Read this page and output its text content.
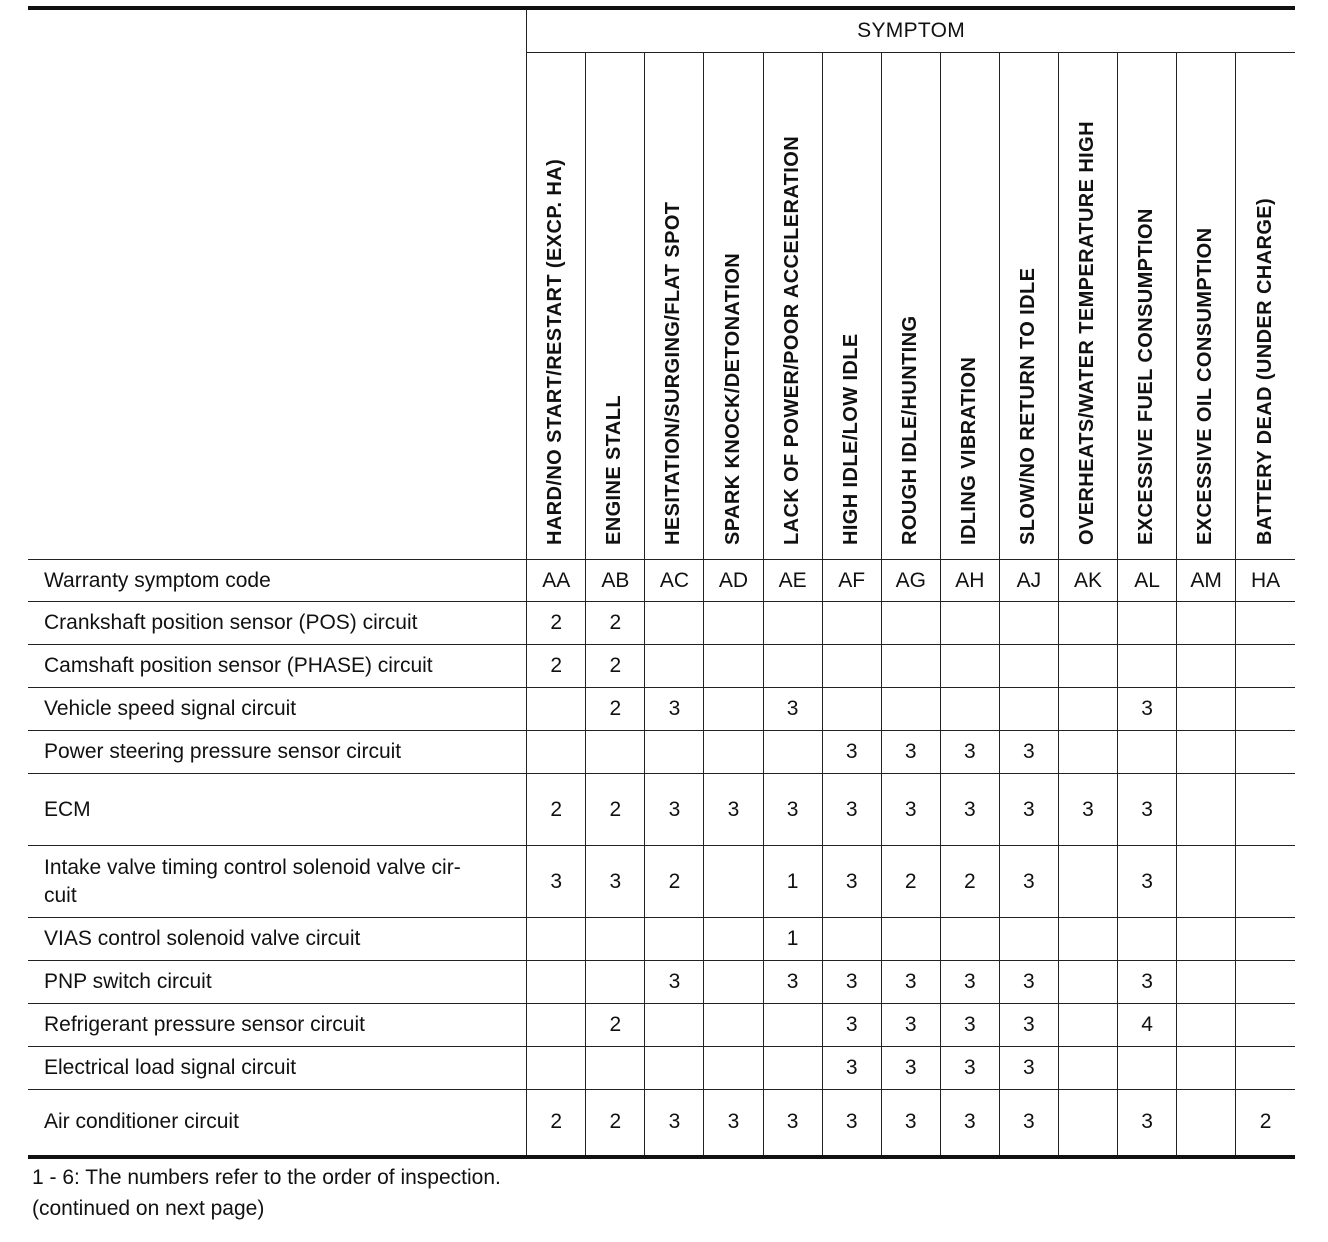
	SYMPTOM												

	HARD/NO START/RESTART (EXCP. HA)	ENGINE STALL	HESITATION/SURGING/FLAT SPOT	SPARK KNOCK/DETONATION	LACK OF POWER/POOR ACCELERATION	HIGH IDLE/LOW IDLE	ROUGH IDLE/HUNTING	IDLING VIBRATION	SLOW/NO RETURN TO IDLE	OVERHEATS/WATER TEMPERATURE HIGH	EXCESSIVE FUEL CONSUMPTION	EXCESSIVE OIL CONSUMPTION	BATTERY DEAD (UNDER CHARGE)

Warranty symptom code	AA	AB	AC	AD	AE	AF	AG	AH	AJ	AK	AL	AM	HA
Crankshaft position sensor (POS) circuit	2	2											
Camshaft position sensor (PHASE) circuit	2	2											
Vehicle speed signal circuit		2	3		3						3		
Power steering pressure sensor circuit						3	3	3	3				
ECM	2	2	3	3	3	3	3	3	3	3	3		
Intake valve timing control solenoid valve cir-
cuit	3	3	2		1	3	2	2	3		3		
VIAS control solenoid valve circuit					1								
PNP switch circuit			3		3	3	3	3	3		3		
Refrigerant pressure sensor circuit		2				3	3	3	3		4		
Electrical load signal circuit						3	3	3	3				
Air conditioner circuit	2	2	3	3	3	3	3	3	3		3		2
1 - 6: The numbers refer to the order of inspection.
(continued on next page)
